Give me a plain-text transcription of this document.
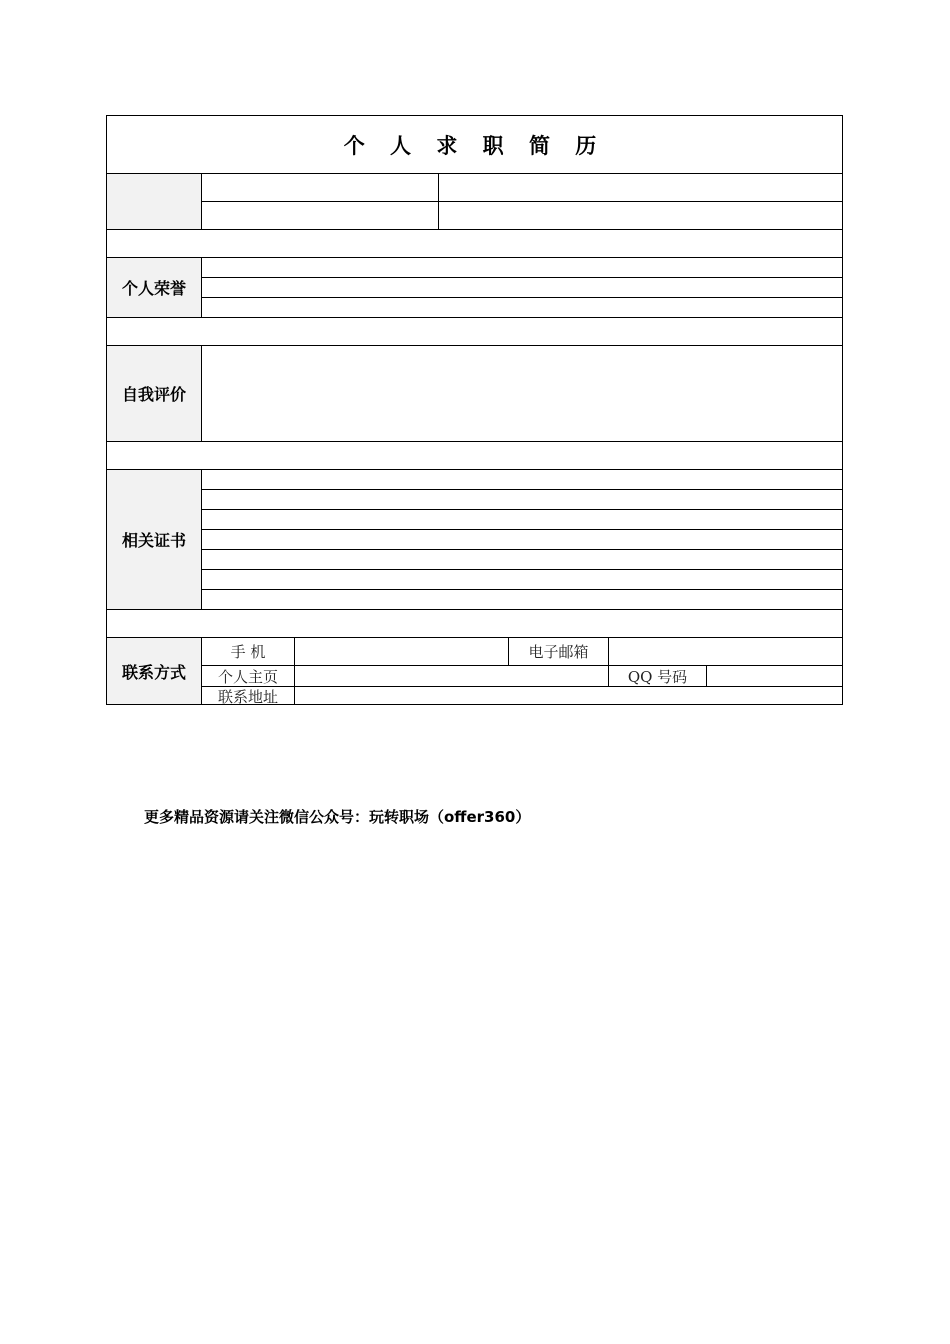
个 人 求 职 简 历
个人荣誉
自我评价
相关证书
联系方式
手 机	电子邮箱
个人主页	QQ 号码
联系地址
更多精品资源请关注微信公众号：玩转职场（offer360）
